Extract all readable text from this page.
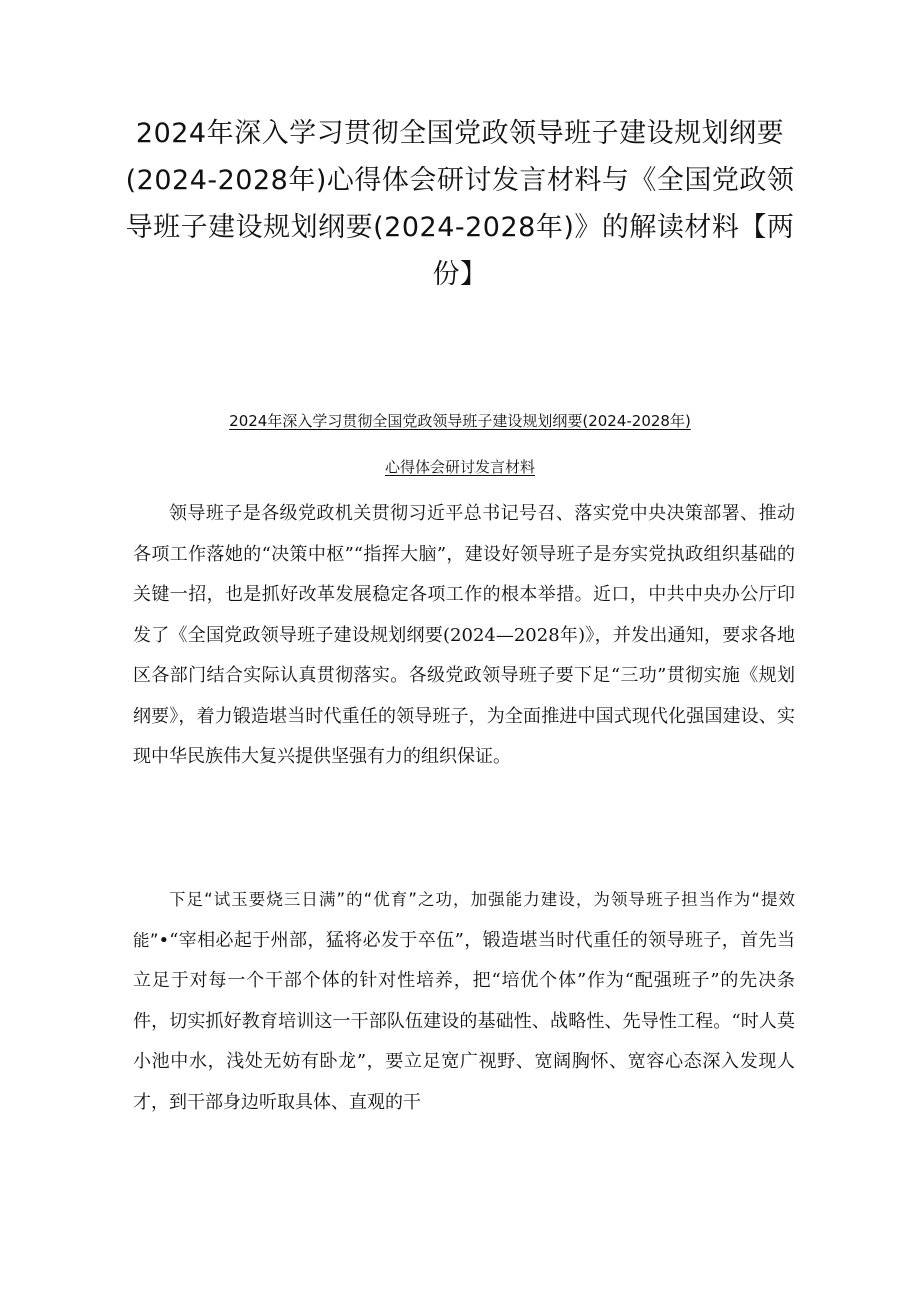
2024年深入学习贯彻全国党政领导班子建设规划纲要(2024-2028年)心得体会研讨发言材料与《全国党政领导班子建设规划纲要(2024-2028年)》的解读材料【两份】

2024年深入学习贯彻全国党政领导班子建设规划纲要(2024-2028年)

心得体会研讨发言材料

领导班子是各级党政机关贯彻习近平总书记号召、落实党中央决策部署、推动各项工作落她的“决策中枢”“指挥大脑”，建设好领导班子是夯实党执政组织基础的关键一招，也是抓好改革发展稳定各项工作的根本举措。近口，中共中央办公厅印发了《全国党政领导班子建设规划纲要(2024—2028年)》，并发出通知，要求各地区各部门结合实际认真贯彻落实。各级党政领导班子要下足“三功”贯彻实施《规划纲要》，着力锻造堪当时代重任的领导班子，为全面推进中国式现代化强国建设、实现中华民族伟大复兴提供坚强有力的组织保证。

下足“试玉要烧三日满”的“优育”之功，加强能力建设，为领导班子担当作为“提效能”•“宰相必起于州部，猛将必发于卒伍”，锻造堪当时代重任的领导班子，首先当立足于对每一个干部个体的针对性培养，把“培优个体”作为“配强班子”的先决条件，切实抓好教育培训这一干部队伍建设的基础性、战略性、先导性工程。“时人莫小池中水，浅处无妨有卧龙”，要立足宽广视野、宽阔胸怀、宽容心态深入发现人才，到干部身边听取具体、直观的干
